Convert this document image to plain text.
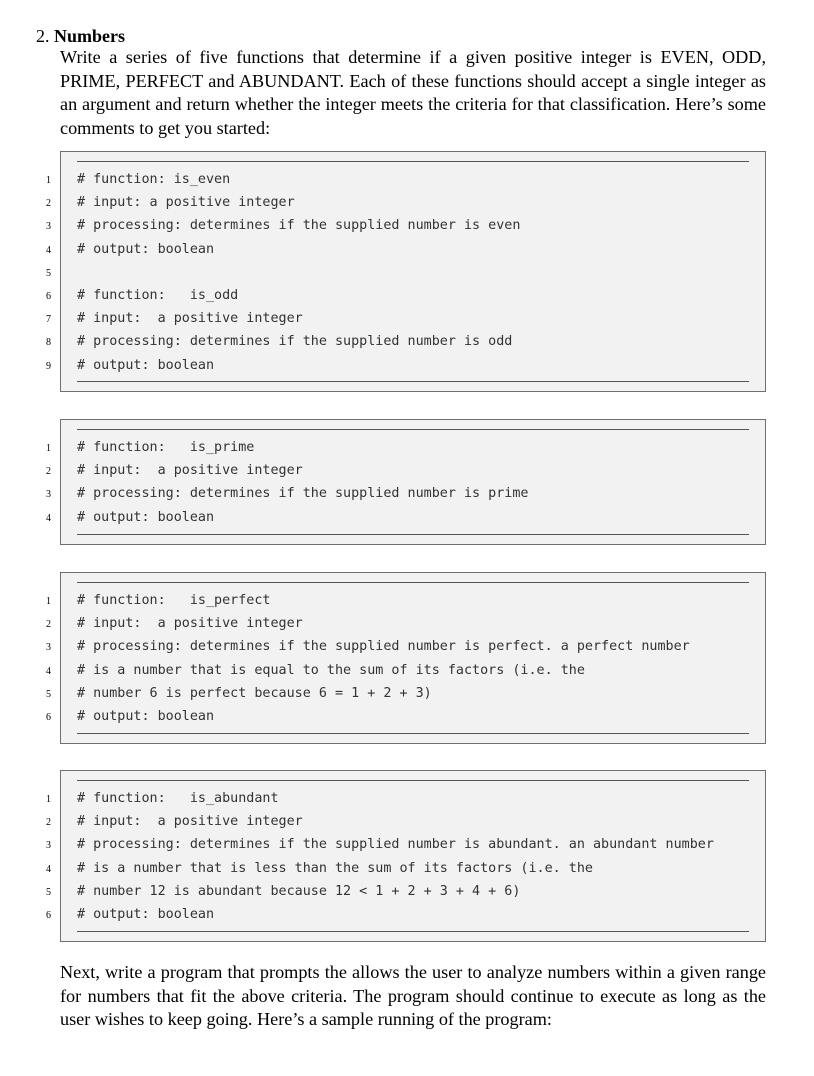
2. Numbers

Write a series of five functions that determine if a given positive integer is EVEN, ODD, PRIME, PERFECT and ABUNDANT. Each of these functions should accept a single integer as an argument and return whether the integer meets the criteria for that classification. Here’s some comments to get you started:

1 # function: is_even
2 # input: a positive integer
3 # processing: determines if the supplied number is even
4 # output: boolean
5
6 # function:   is_odd
7 # input:  a positive integer
8 # processing: determines if the supplied number is odd
9 # output: boolean
1 # function:   is_prime
2 # input:  a positive integer
3 # processing: determines if the supplied number is prime
4 # output: boolean
1 # function:   is_perfect
2 # input:  a positive integer
3 # processing: determines if the supplied number is perfect. a perfect number
4 # is a number that is equal to the sum of its factors (i.e. the
5 # number 6 is perfect because 6 = 1 + 2 + 3)
6 # output: boolean
1 # function:   is_abundant
2 # input:  a positive integer
3 # processing: determines if the supplied number is abundant. an abundant number
4 # is a number that is less than the sum of its factors (i.e. the
5 # number 12 is abundant because 12 < 1 + 2 + 3 + 4 + 6)
6 # output: boolean

Next, write a program that prompts the allows the user to analyze numbers within a given range for numbers that fit the above criteria. The program should continue to execute as long as the user wishes to keep going. Here’s a sample running of the program:
